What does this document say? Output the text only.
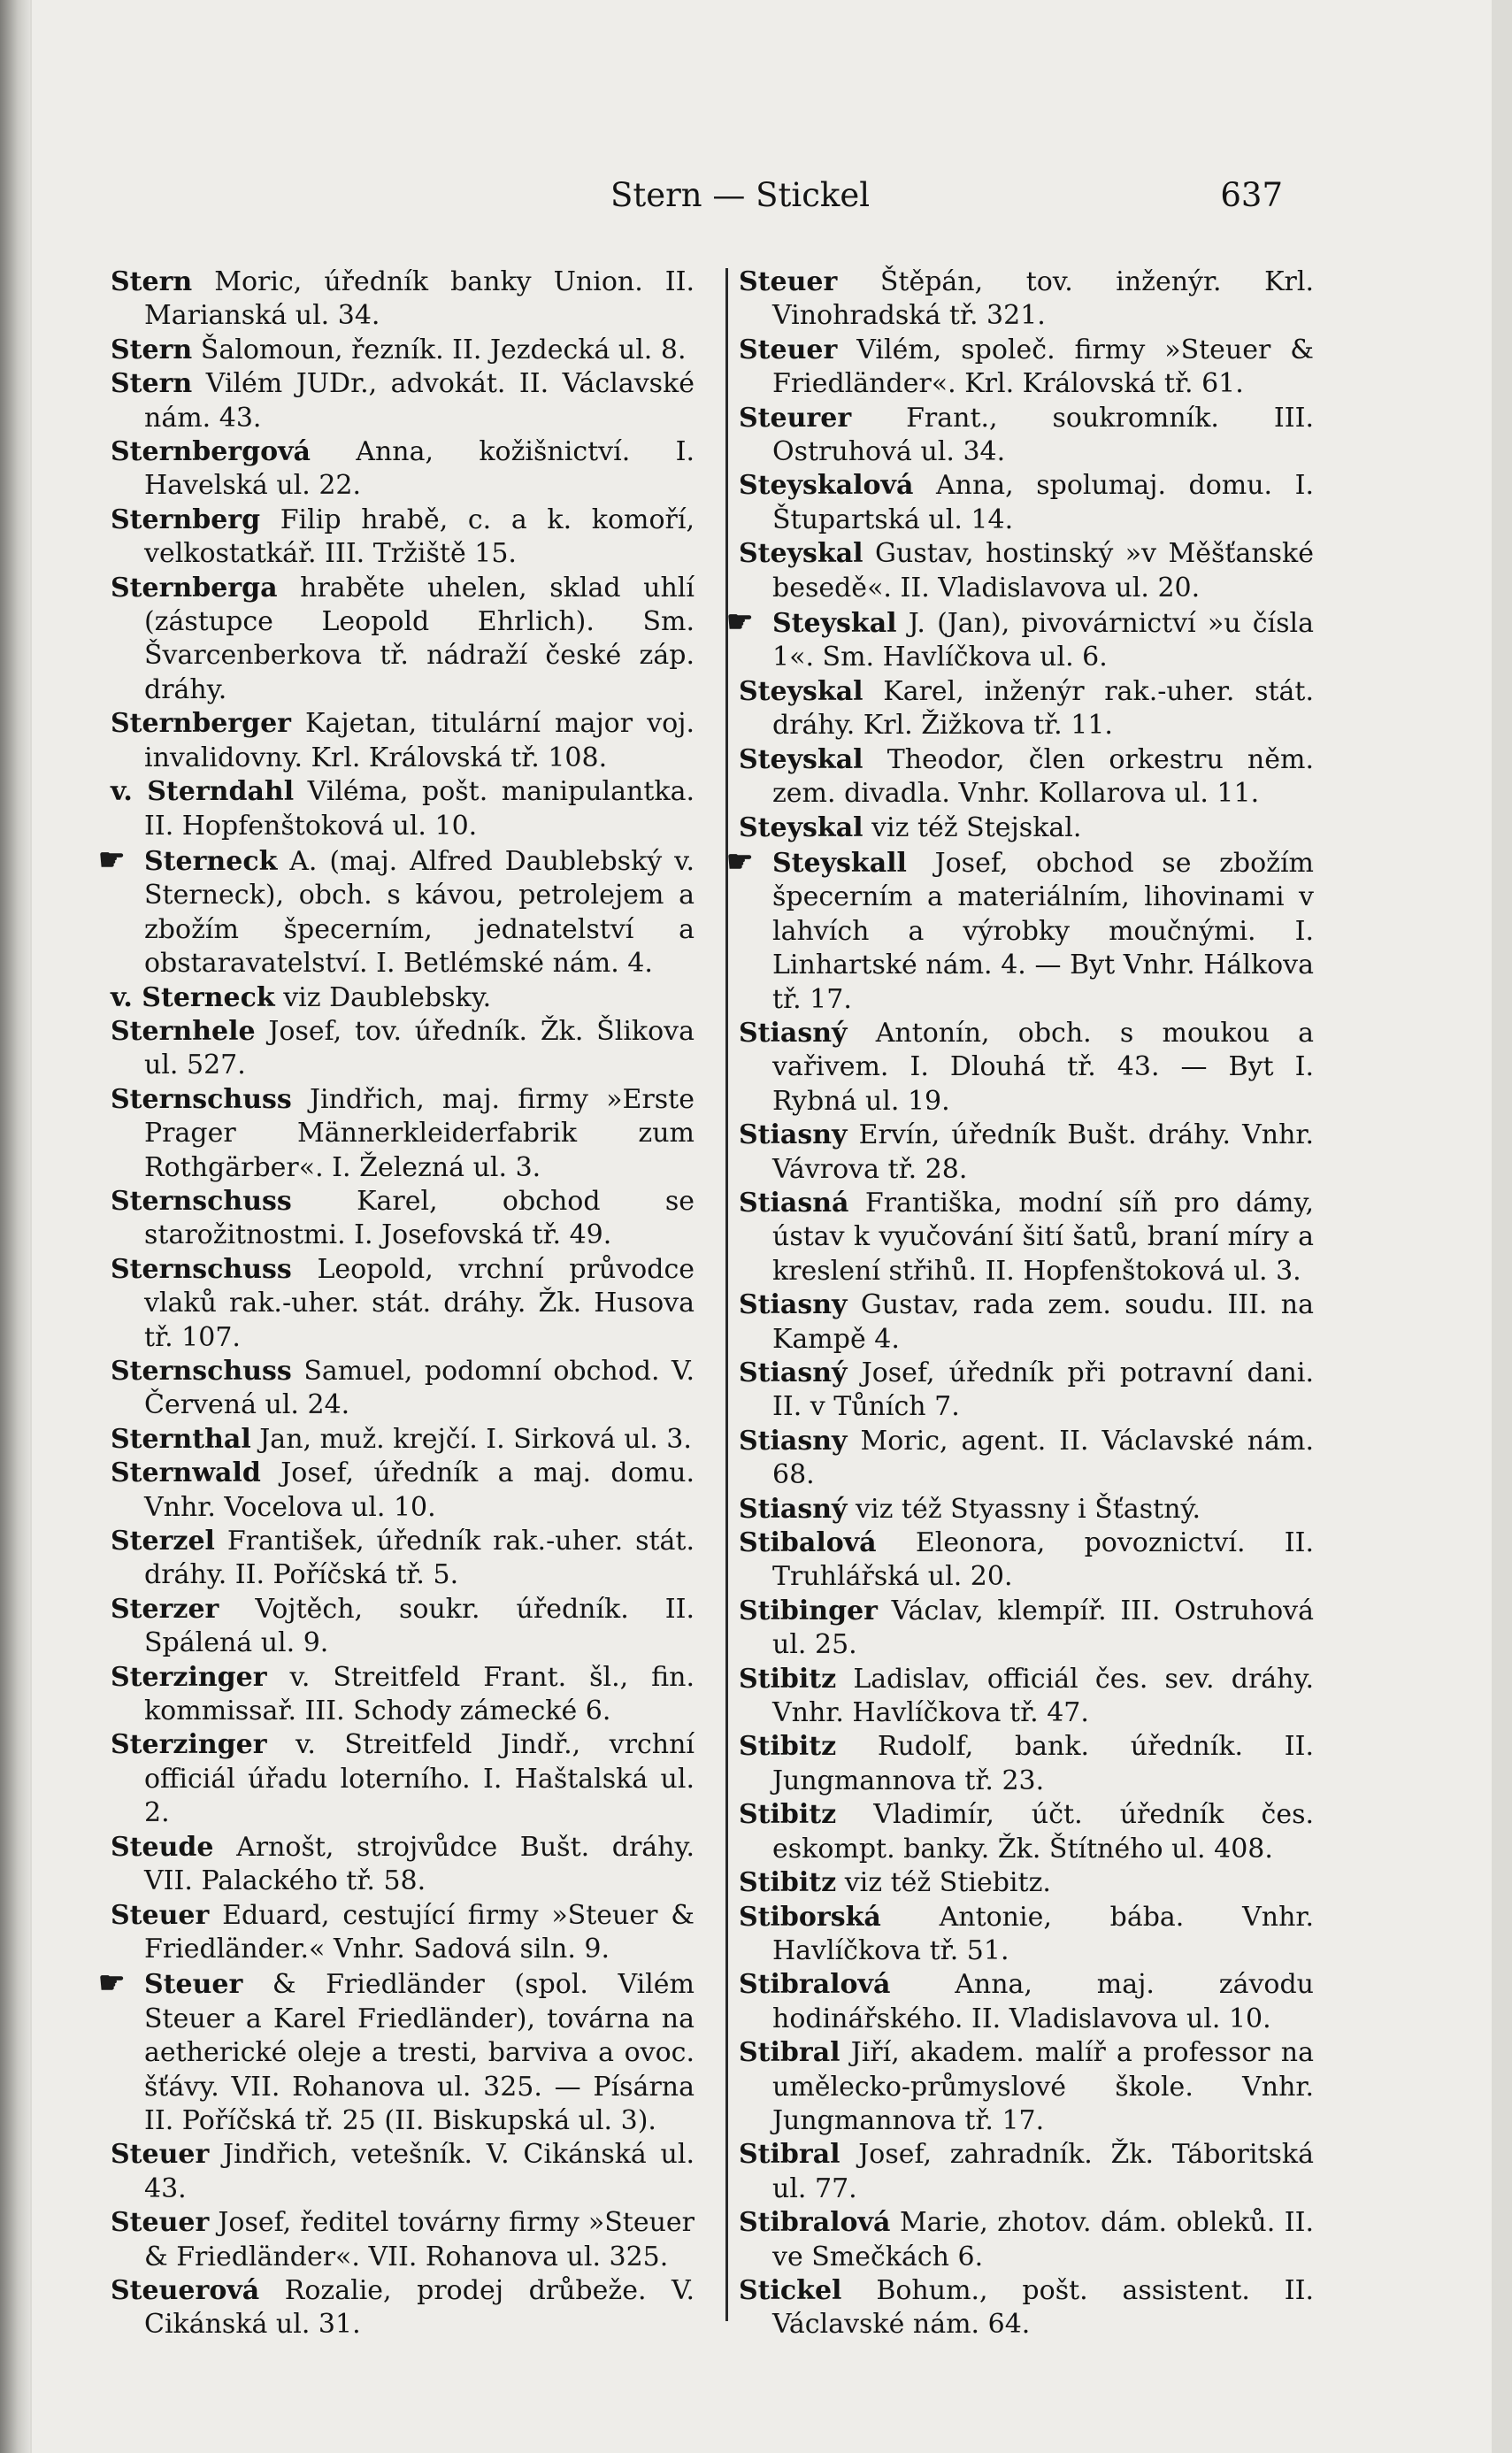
Stern — Stickel	637

Stern Moric, úředník banky Union. II. Marianská ul. 34.

Stern Šalomoun, řezník. II. Jezdecká ul. 8.

Stern Vilém JUDr., advokát. II. Václavské nám. 43.

Sternbergová Anna, kožišnictví. I. Havelská ul. 22.

Sternberg Filip hrabě, c. a k. komoří, velkostatkář. III. Tržiště 15.

Sternberga hraběte uhelen, sklad uhlí (zástupce Leopold Ehrlich). Sm. Švarcenberkova tř. nádraží české záp. dráhy.

Sternberger Kajetan, titulární major voj. invalidovny. Krl. Královská tř. 108.

v. Sterndahl Viléma, pošt. manipulantka. II. Hopfenštoková ul. 10.

☛ Sterneck A. (maj. Alfred Daublebský v. Sterneck), obch. s kávou, petrolejem a zbožím špecerním, jednatelství a obstaravatelství. I. Betlémské nám. 4.

v. Sterneck viz Daublebsky.

Sternhele Josef, tov. úředník. Žk. Šlikova ul. 527.

Sternschuss Jindřich, maj. firmy »Erste Prager Männerkleiderfabrik zum Rothgärber«. I. Železná ul. 3.

Sternschuss Karel, obchod se starožitnostmi. I. Josefovská tř. 49.

Sternschuss Leopold, vrchní průvodce vlaků rak.-uher. stát. dráhy. Žk. Husova tř. 107.

Sternschuss Samuel, podomní obchod. V. Červená ul. 24.

Sternthal Jan, muž. krejčí. I. Sirková ul. 3.

Sternwald Josef, úředník a maj. domu. Vnhr. Vocelova ul. 10.

Sterzel František, úředník rak.-uher. stát. dráhy. II. Poříčská tř. 5.

Sterzer Vojtěch, soukr. úředník. II. Spálená ul. 9.

Sterzinger v. Streitfeld Frant. šl., fin. kommissař. III. Schody zámecké 6.

Sterzinger v. Streitfeld Jindř., vrchní officiál úřadu loterního. I. Haštalská ul. 2.

Steude Arnošt, strojvůdce Bušt. dráhy. VII. Palackého tř. 58.

Steuer Eduard, cestující firmy »Steuer & Friedländer.« Vnhr. Sadová siln. 9.

☛ Steuer & Friedländer (spol. Vilém Steuer a Karel Friedländer), továrna na aetherické oleje a tresti, barviva a ovoc. šťávy. VII. Rohanova ul. 325. — Písárna II. Poříčská tř. 25 (II. Biskupská ul. 3).

Steuer Jindřich, vetešník. V. Cikánská ul. 43.

Steuer Josef, ředitel továrny firmy »Steuer & Friedländer«. VII. Rohanova ul. 325.

Steuerová Rozalie, prodej drůbeže. V. Cikánská ul. 31.

Steuer Štěpán, tov. inženýr. Krl. Vinohradská tř. 321.

Steuer Vilém, společ. firmy »Steuer & Friedländer«. Krl. Královská tř. 61.

Steurer Frant., soukromník. III. Ostruhová ul. 34.

Steyskalová Anna, spolumaj. domu. I. Štupartská ul. 14.

Steyskal Gustav, hostinský »v Měšťanské besedě«. II. Vladislavova ul. 20.

☛ Steyskal J. (Jan), pivovárnictví »u čísla 1«. Sm. Havlíčkova ul. 6.

Steyskal Karel, inženýr rak.-uher. stát. dráhy. Krl. Žižkova tř. 11.

Steyskal Theodor, člen orkestru něm. zem. divadla. Vnhr. Kollarova ul. 11.

Steyskal viz též Stejskal.

☛ Steyskall Josef, obchod se zbožím špecerním a materiálním, lihovinami v lahvích a výrobky moučnými. I. Linhartské nám. 4. — Byt Vnhr. Hálkova tř. 17.

Stiasný Antonín, obch. s moukou a vařivem. I. Dlouhá tř. 43. — Byt I. Rybná ul. 19.

Stiasny Ervín, úředník Bušt. dráhy. Vnhr. Vávrova tř. 28.

Stiasná Františka, modní síň pro dámy, ústav k vyučování šití šatů, braní míry a kreslení střihů. II. Hopfenštoková ul. 3.

Stiasny Gustav, rada zem. soudu. III. na Kampě 4.

Stiasný Josef, úředník při potravní dani. II. v Tůních 7.

Stiasny Moric, agent. II. Václavské nám. 68.

Stiasný viz též Styassny i Šťastný.

Stibalová Eleonora, povoznictví. II. Truhlářská ul. 20.

Stibinger Václav, klempíř. III. Ostruhová ul. 25.

Stibitz Ladislav, officiál čes. sev. dráhy. Vnhr. Havlíčkova tř. 47.

Stibitz Rudolf, bank. úředník. II. Jungmannova tř. 23.

Stibitz Vladimír, účt. úředník čes. eskompt. banky. Žk. Štítného ul. 408.

Stibitz viz též Stiebitz.

Stiborská Antonie, bába. Vnhr. Havlíčkova tř. 51.

Stibralová Anna, maj. závodu hodinářského. II. Vladislavova ul. 10.

Stibral Jiří, akadem. malíř a professor na umělecko-průmyslové škole. Vnhr. Jungmannova tř. 17.

Stibral Josef, zahradník. Žk. Táboritská ul. 77.

Stibralová Marie, zhotov. dám. obleků. II. ve Smečkách 6.

Stickel Bohum., pošt. assistent. II. Václavské nám. 64.
